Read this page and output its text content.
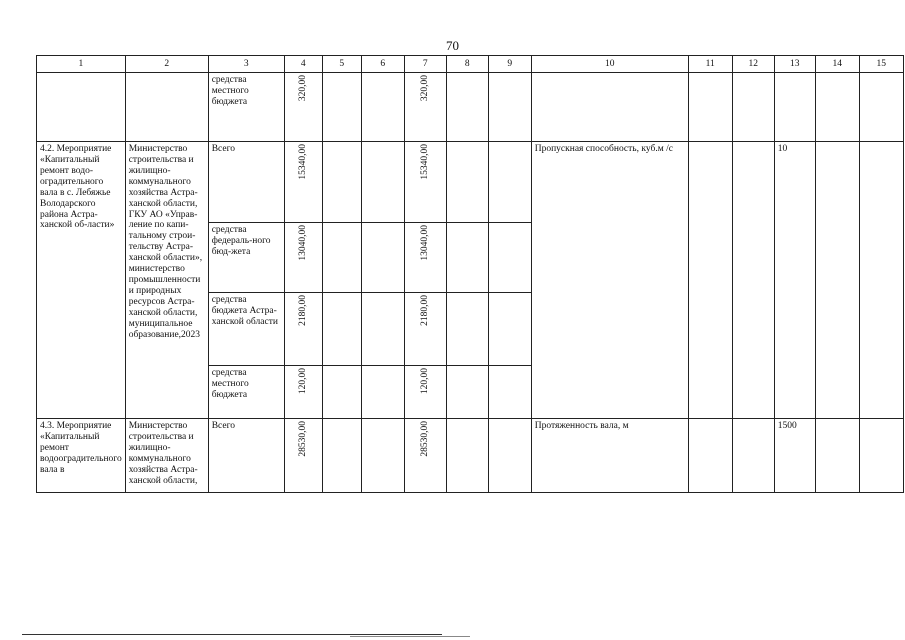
70
1	2	3	4	5	6	7	8	9	10	11	12	13	14	15
		средства местного бюджета	320,00			320,00								

4.2. Мероприятие «Капитальный ремонт водо-оградительного вала в с. Лебяжье Володарского района Астра-ханской об-ласти»	Министерство строительства и жилищно-коммунального хозяйства Астра-ханской области, ГКУ АО «Управ-ление по капи-тальному строи-тельству Астра-ханской области», министерство промышленности и природных ресурсов Астра-ханской области, муниципальное образование,2023	Всего	15340,00			15340,00			Пропускная способность, куб.м /с			10		
		средства федераль-ного бюд-жета	13040,00			13040,00								

		средства бюджета Астра-ханской области	2180,00			2180,00								

		средства местного бюджета	120,00			120,00								

4.3. Мероприятие «Капитальный ремонт водооградительного вала в	Министерство строительства и жилищно-коммунального хозяйства Астра-ханской области,	Всего	28530,00			28530,00			Протяженность вала, м			1500		
